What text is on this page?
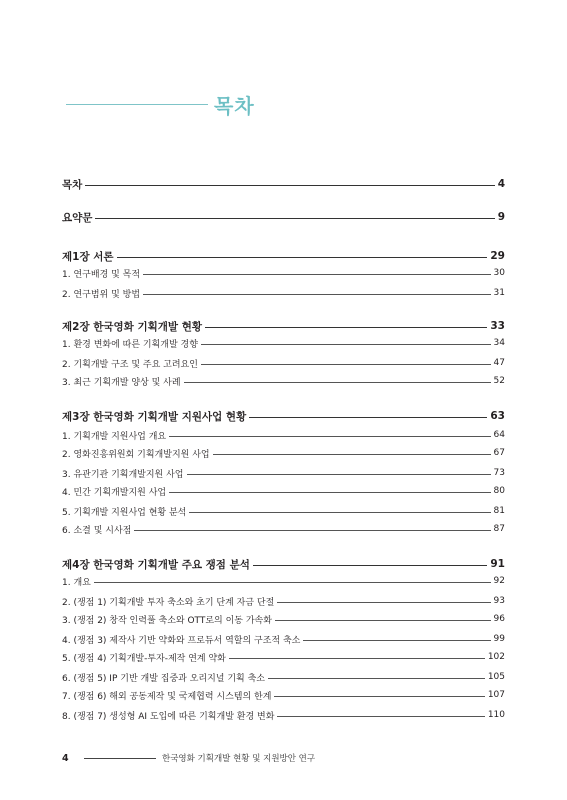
목차
목차	4
요약문	9
제1장 서론	29
1. 연구배경 및 목적	30
2. 연구범위 및 방법	31
제2장 한국영화 기획개발 현황	33
1. 환경 변화에 따른 기획개발 경향	34
2. 기획개발 구조 및 주요 고려요인	47
3. 최근 기획개발 양상 및 사례	52
제3장 한국영화 기획개발 지원사업 현황	63
1. 기획개발 지원사업 개요	64
2. 영화진흥위원회 기획개발지원 사업	67
3. 유관기관 기획개발지원 사업	73
4. 민간 기획개발지원 사업	80
5. 기획개발 지원사업 현황 분석	81
6. 소결 및 시사점	87
제4장 한국영화 기획개발 주요 쟁점 분석	91
1. 개요	92
2. (쟁점 1) 기획개발 투자 축소와 초기 단계 자금 단절	93
3. (쟁점 2) 창작 인력풀 축소와 OTT로의 이동 가속화	96
4. (쟁점 3) 제작사 기반 약화와 프로듀서 역할의 구조적 축소	99
5. (쟁점 4) 기획개발-투자-제작 연계 약화	102
6. (쟁점 5) IP 기반 개발 집중과 오리지널 기획 축소	105
7. (쟁점 6) 해외 공동제작 및 국제협력 시스템의 한계	107
8. (쟁점 7) 생성형 AI 도입에 따른 기획개발 환경 변화	110
4	한국영화 기획개발 현황 및 지원방안 연구
